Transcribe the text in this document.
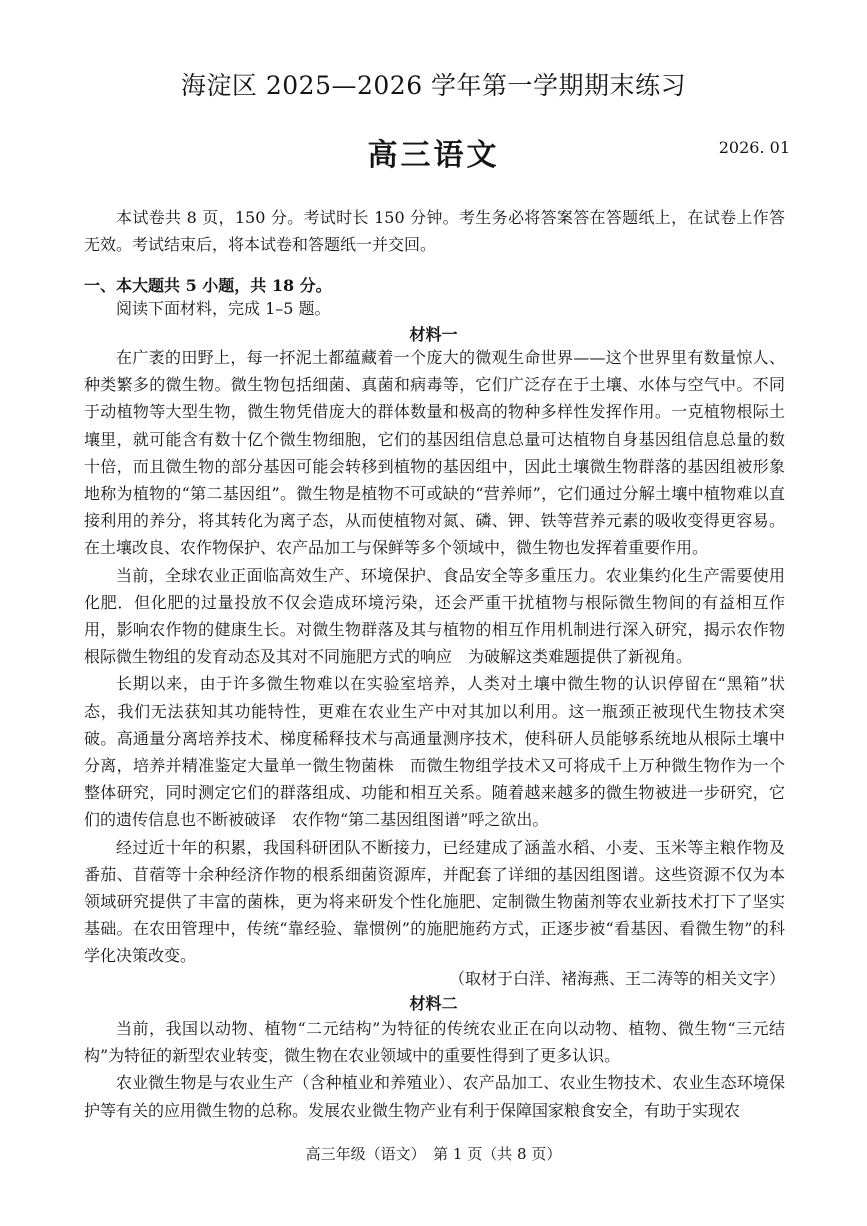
海淀区 2025—2026 学年第一学期期末练习
高三语文	2026. 01

本试卷共 8 页，150 分。考试时长 150 分钟。考生务必将答案答在答题纸上，在试卷上作答无效。考试结束后，将本试卷和答题纸一并交回。

一、本大题共 5 小题，共 18 分。
阅读下面材料，完成 1–5 题。
材料一

在广袤的田野上，每一抔泥土都蕴藏着一个庞大的微观生命世界——这个世界里有数量惊人、种类繁多的微生物。微生物包括细菌、真菌和病毒等，它们广泛存在于土壤、水体与空气中。不同于动植物等大型生物，微生物凭借庞大的群体数量和极高的物种多样性发挥作用。一克植物根际土壤里，就可能含有数十亿个微生物细胞，它们的基因组信息总量可达植物自身基因组信息总量的数十倍，而且微生物的部分基因可能会转移到植物的基因组中，因此土壤微生物群落的基因组被形象地称为植物的“第二基因组”。微生物是植物不可或缺的“营养师”，它们通过分解土壤中植物难以直接利用的养分，将其转化为离子态，从而使植物对氮、磷、钾、铁等营养元素的吸收变得更容易。在土壤改良、农作物保护、农产品加工与保鲜等多个领域中，微生物也发挥着重要作用。

当前，全球农业正面临高效生产、环境保护、食品安全等多重压力。农业集约化生产需要使用化肥．但化肥的过量投放不仅会造成环境污染，还会严重干扰植物与根际微生物间的有益相互作用，影响农作物的健康生长。对微生物群落及其与植物的相互作用机制进行深入研究，揭示农作物根际微生物组的发育动态及其对不同施肥方式的响应　为破解这类难题提供了新视角。

长期以来，由于许多微生物难以在实验室培养，人类对土壤中微生物的认识停留在“黑箱”状态，我们无法获知其功能特性，更难在农业生产中对其加以利用。这一瓶颈正被现代生物技术突破。高通量分离培养技术、梯度稀释技术与高通量测序技术，使科研人员能够系统地从根际土壤中分离，培养并精准鉴定大量单一微生物菌株　而微生物组学技术又可将成千上万种微生物作为一个整体研究，同时测定它们的群落组成、功能和相互关系。随着越来越多的微生物被进一步研究，它们的遗传信息也不断被破译　农作物“第二基因组图谱”呼之欲出。

经过近十年的积累，我国科研团队不断接力，已经建成了涵盖水稻、小麦、玉米等主粮作物及番茄、苜蓿等十余种经济作物的根系细菌资源库，并配套了详细的基因组图谱。这些资源不仅为本领域研究提供了丰富的菌株，更为将来研发个性化施肥、定制微生物菌剂等农业新技术打下了坚实基础。在农田管理中，传统“靠经验、靠惯例”的施肥施药方式，正逐步被“看基因、看微生物”的科学化决策改变。

（取材于白洋、褚海燕、王二涛等的相关文字）
材料二

当前，我国以动物、植物“二元结构”为特征的传统农业正在向以动物、植物、微生物“三元结构”为特征的新型农业转变，微生物在农业领域中的重要性得到了更多认识。

农业微生物是与农业生产（含种植业和养殖业）、农产品加工、农业生物技术、农业生态环境保护等有关的应用微生物的总称。发展农业微生物产业有利于保障国家粮食安全，有助于实现农

高三年级（语文）　第 1 页（共 8 页）
